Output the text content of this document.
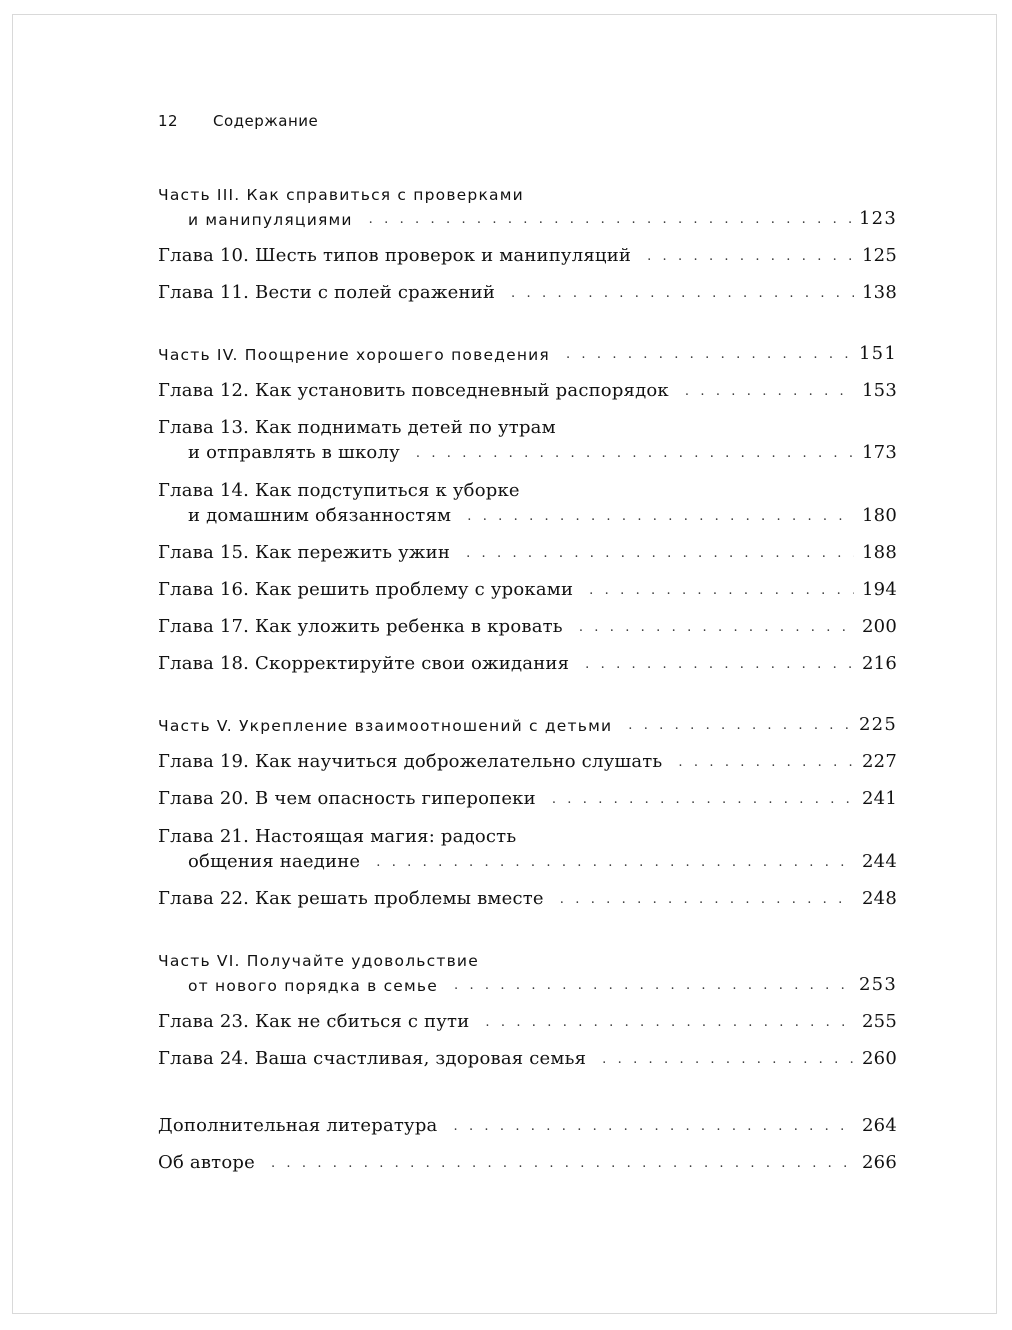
12 Содержание
Часть III. Как справиться с проверками
и манипуляциями . . .	123
Глава 10. Шесть типов проверок и манипуляций . . .	125
Глава 11. Вести с полей сражений . . .	138
Часть IV. Поощрение хорошего поведения . . .	151
Глава 12. Как установить повседневный распорядок . . .	153
Глава 13. Как поднимать детей по утрам
и отправлять в школу . . .	173
Глава 14. Как подступиться к уборке
и домашним обязанностям . . .	180
Глава 15. Как пережить ужин . . .	188
Глава 16. Как решить проблему с уроками . . .	194
Глава 17. Как уложить ребенка в кровать . . .	200
Глава 18. Скорректируйте свои ожидания . . .	216
Часть V. Укрепление взаимоотношений с детьми . . .	225
Глава 19. Как научиться доброжелательно слушать . . .	227
Глава 20. В чем опасность гиперопеки . . .	241
Глава 21. Настоящая магия: радость
общения наедине . . .	244
Глава 22. Как решать проблемы вместе . . .	248
Часть VI. Получайте удовольствие
от нового порядка в семье . . .	253
Глава 23. Как не сбиться с пути . . .	255
Глава 24. Ваша счастливая, здоровая семья . . .	260
Дополнительная литература . . .	264
Об авторе . . .	266
